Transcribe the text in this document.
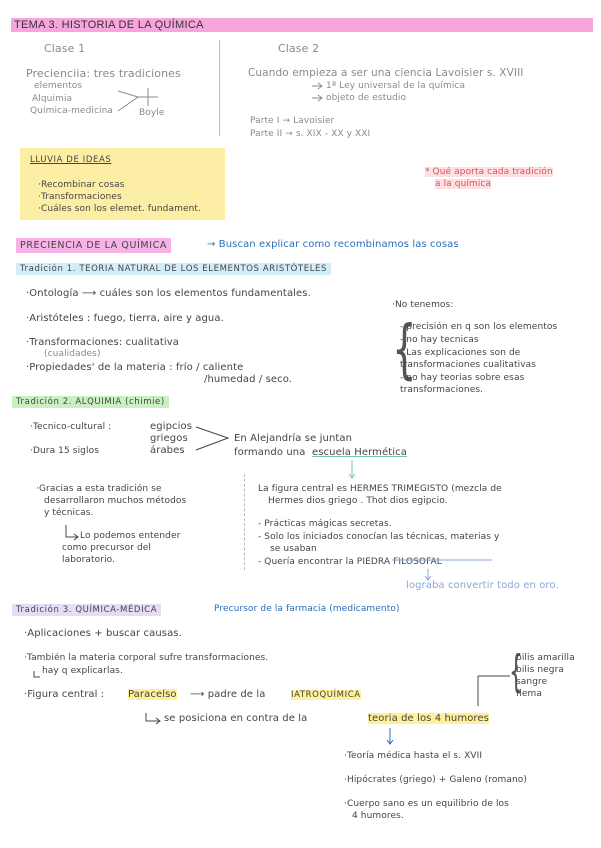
TEMA 3. HISTORIA DE LA QUÍMICA
Clase 1
Precienciia: tres tradiciones
elementos
Alquimia
Química-medicina	Boyle
Clase 2
Cuando empieza a ser una ciencia Lavoisier s. XVIII
1ª Ley universal de la química
objeto de estudio
Parte I → Lavoisier
Parte II → s. XIX - XX y XXI
LLUVIA DE IDEAS
·Recombinar cosas
·Transformaciones
·Cuáles son los elemet. fundament.
* Qué aporta cada tradición
a la química
PRECIENCIA DE LA QUÍMICA	→ Buscan explicar como recombinamos las cosas
Tradición 1. TEORIA NATURAL DE LOS ELEMENTOS ARISTÓTELES
·Ontología ⟶ cuáles son los elementos fundamentales.
·Aristóteles : fuego, tierra, aire y agua.
·Transformaciones: cualitativa
(cualidades)
·Propiedades' de la materia : frío / caliente
/humedad / seco.
·No tenemos:
{
- precisión en q son los elementos
- no hay tecnicas
- Las explicaciones son de
transformaciones cualitativas
- no hay teorias sobre esas
transformaciones.
Tradición 2. ALQUIMIA (chimie)
·Tecnico-cultural :	egipcios
griegos
árabes
·Dura 15 siglos
En Alejandría se juntan
formando una escuela Hermética
·Gracias a esta tradición se
desarrollaron muchos métodos
y técnicas.
Lo podemos entender
como precursor del
laboratorio.
La figura central es HERMES TRIMEGISTO (mezcla de
Hermes dios griego . Thot dios egipcio.
- Prácticas mágicas secretas.
- Solo los iniciados conocían las técnicas, materias y
se usaban
- Quería encontrar la PIEDRA FILOSOFAL
lograba convertir todo en oro.
Tradición 3. QUÍMICA-MÉDICA	Precursor de la farmacia (medicamento)
·Aplicaciones + buscar causas.
·También la materia corporal sufre transformaciones.
hay q explicarlas.
·Figura central : Paracelso ⟶ padre de la	IATROQUÍMICA
se posiciona en contra de la	teoria de los 4 humores
{
bilis amarilla
bilis negra
sangre
flema
·Teoría médica hasta el s. XVII
·Hipócrates (griego) + Galeno (romano)
·Cuerpo sano es un equilibrio de los
4 humores.
